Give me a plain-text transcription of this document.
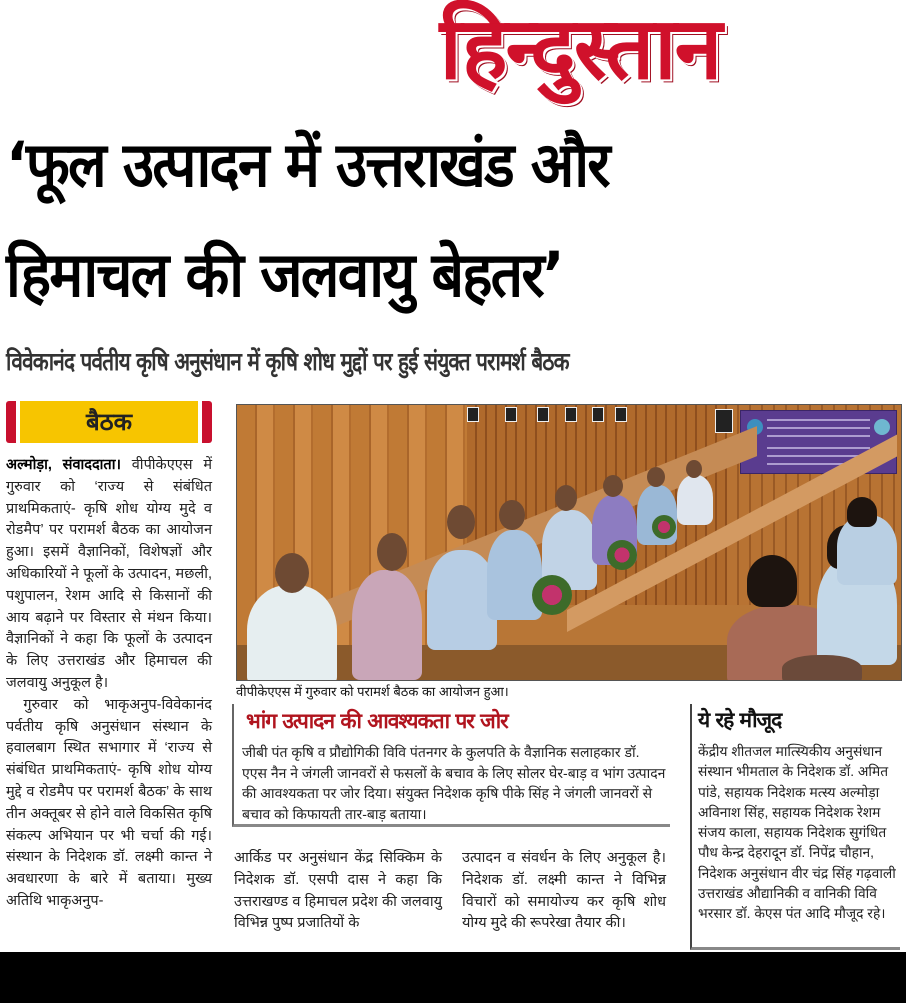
हिन्दुस्तान
‘फूल उत्पादन में उत्तराखंड और
हिमाचल की जलवायु बेहतर’
विवेकानंद पर्वतीय कृषि अनुसंधान में कृषि शोध मुद्दों पर हुई संयुक्त परामर्श बैठक
बैठक

अल्मोड़ा, संवाददाता। वीपीकेएएस में गुरुवार को ‘राज्य से संबंधित प्राथमिकताएं- कृषि शोध योग्य मुदे व रोडमैप’ पर परामर्श बैठक का आयोजन हुआ। इसमें वैज्ञानिकों, विशेषज्ञों और अधिकारियों ने फूलों के उत्पादन, मछली, पशुपालन, रेशम आदि से किसानों की आय बढ़ाने पर विस्तार से मंथन किया। वैज्ञानिकों ने कहा कि फूलों के उत्पादन के लिए उत्तराखंड और हिमाचल की जलवायु अनुकूल है।

गुरुवार को भाकृअनुप-विवेकानंद पर्वतीय कृषि अनुसंधान संस्थान के हवालबाग स्थित सभागार में ‘राज्य से संबंधित प्राथमिकताएं- कृषि शोध योग्य मुद्दे व रोडमैप पर परामर्श बैठक’ के साथ तीन अक्तूबर से होने वाले विकसित कृषि संकल्प अभियान पर भी चर्चा की गई। संस्थान के निदेशक डॉ. लक्ष्मी कान्त ने अवधारणा के बारे में बताया। मुख्य अतिथि भाकृअनुप-

वीपीकेएएस में गुरुवार को परामर्श बैठक का आयोजन हुआ।
भांग उत्पादन की आवश्यकता पर जोर
जीबी पंत कृषि व प्रौद्योगिकी विवि पंतनगर के कुलपति के वैज्ञानिक सलाहकार डॉ. एएस नैन ने जंगली जानवरों से फसलों के बचाव के लिए सोलर घेर-बाड़ व भांग उत्पादन की आवश्यकता पर जोर दिया। संयुक्त निदेशक कृषि पीके सिंह ने जंगली जानवरों से बचाव को किफायती तार-बाड़ बताया।
आर्किड पर अनुसंधान केंद्र सिक्किम के निदेशक डॉ. एसपी दास ने कहा कि उत्तराखण्ड व हिमाचल प्रदेश की जलवायु विभिन्न पुष्प प्रजातियों के
उत्पादन व संवर्धन के लिए अनुकूल है। निदेशक डॉ. लक्ष्मी कान्त ने विभिन्न विचारों को समायोज्य कर कृषि शोध योग्य मुदे की रूपरेखा तैयार की।
ये रहे मौजूद
केंद्रीय शीतजल मात्स्यिकीय अनुसंधान संस्थान भीमताल के निदेशक डॉ. अमित पांडे, सहायक निदेशक मत्स्य अल्मोड़ा अविनाश सिंह, सहायक निदेशक रेशम संजय काला, सहायक निदेशक सुगंधित पौध केन्द्र देहरादून डॉ. निपेंद्र चौहान, निदेशक अनुसंधान वीर चंद्र सिंह गढ़वाली उत्तराखंड औद्यानिकी व वानिकी विवि भरसार डॉ. केएस पंत आदि मौजूद रहे।
